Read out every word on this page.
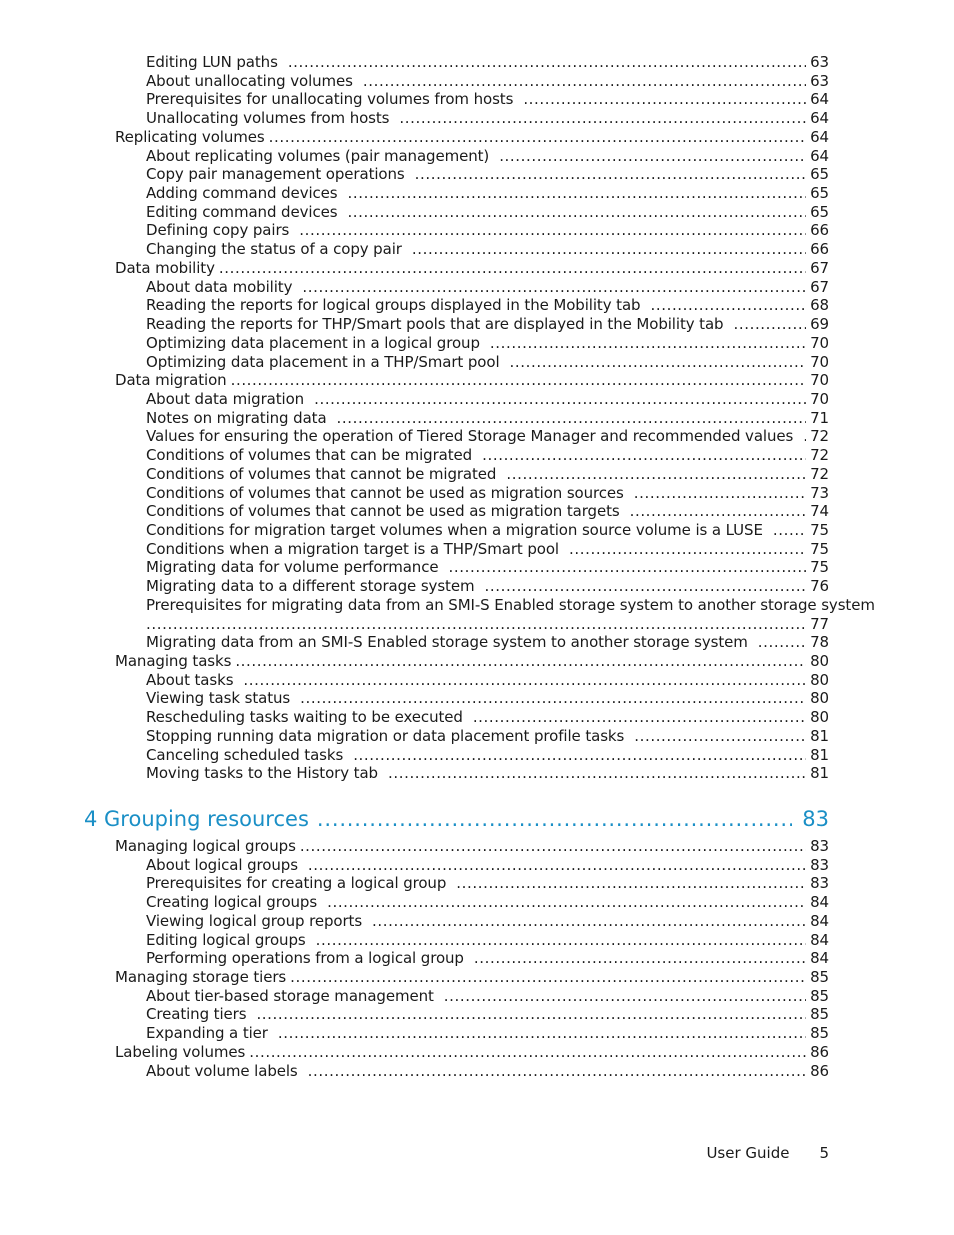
Editing LUN paths .....	63
About unallocating volumes .....	63
Prerequisites for unallocating volumes from hosts .....	64
Unallocating volumes from hosts .....	64
Replicating volumes .....	64
About replicating volumes (pair management) .....	64
Copy pair management operations .....	65
Adding command devices .....	65
Editing command devices .....	65
Defining copy pairs .....	66
Changing the status of a copy pair .....	66
Data mobility .....	67
About data mobility .....	67
Reading the reports for logical groups displayed in the Mobility tab .....	68
Reading the reports for THP/Smart pools that are displayed in the Mobility tab .....	69
Optimizing data placement in a logical group .....	70
Optimizing data placement in a THP/Smart pool .....	70
Data migration .....	70
About data migration .....	70
Notes on migrating data .....	71
Values for ensuring the operation of Tiered Storage Manager and recommended values .....	72
Conditions of volumes that can be migrated .....	72
Conditions of volumes that cannot be migrated .....	72
Conditions of volumes that cannot be used as migration sources .....	73
Conditions of volumes that cannot be used as migration targets .....	74
Conditions for migration target volumes when a migration source volume is a LUSE .....	75
Conditions when a migration target is a THP/Smart pool .....	75
Migrating data for volume performance .....	75
Migrating data to a different storage system .....	76
Prerequisites for migrating data from an SMI-S Enabled storage system to another storage system
.....
77
Migrating data from an SMI-S Enabled storage system to another storage system .....	78
Managing tasks .....	80
About tasks .....	80
Viewing task status .....	80
Rescheduling tasks waiting to be executed .....	80
Stopping running data migration or data placement profile tasks .....	81
Canceling scheduled tasks .....	81
Moving tasks to the History tab .....	81
4 Grouping resources .....	83
Managing logical groups .....	83
About logical groups .....	83
Prerequisites for creating a logical group .....	83
Creating logical groups .....	84
Viewing logical group reports .....	84
Editing logical groups .....	84
Performing operations from a logical group .....	84
Managing storage tiers .....	85
About tier-based storage management .....	85
Creating tiers .....	85
Expanding a tier .....	85
Labeling volumes .....	86
About volume labels .....	86
User Guide	5
